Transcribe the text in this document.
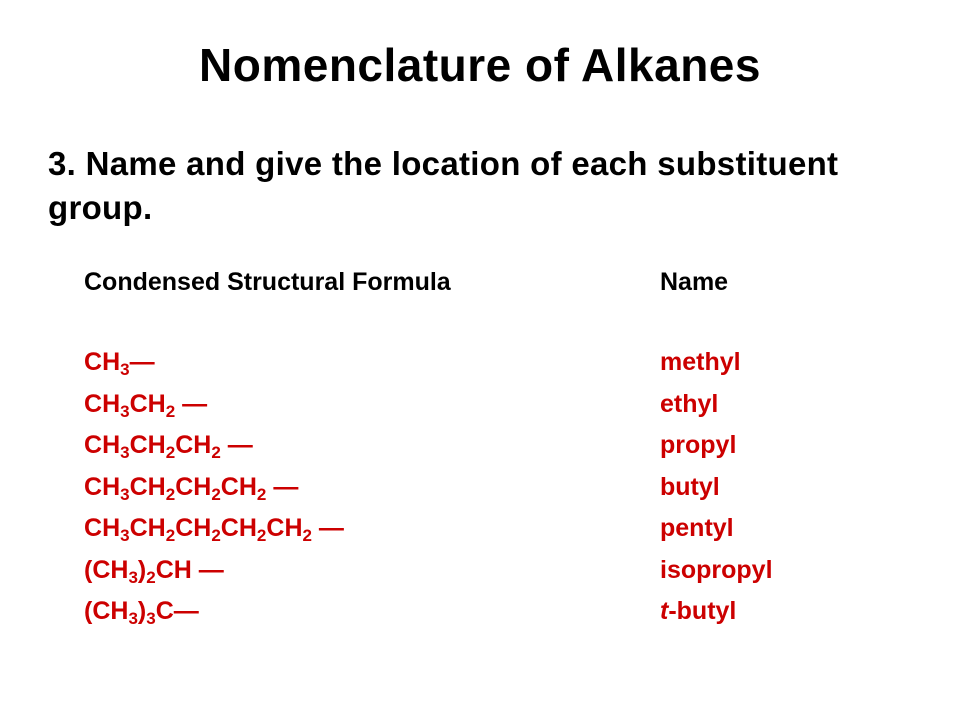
Nomenclature of Alkanes
3. Name and give the location of each substituent group.
Condensed Structural Formula	Name
$CH_3—$	methyl
$CH_3CH_2$ —	ethyl
$CH_3CH_2CH_2$ —	propyl
$CH_3CH_2CH_2CH_2$ —	butyl
$CH_3CH_2CH_2CH_2CH_2$ —	pentyl
$(CH_3)_2CH$ —	isopropyl
$(CH_3)_3C—$	t-butyl
